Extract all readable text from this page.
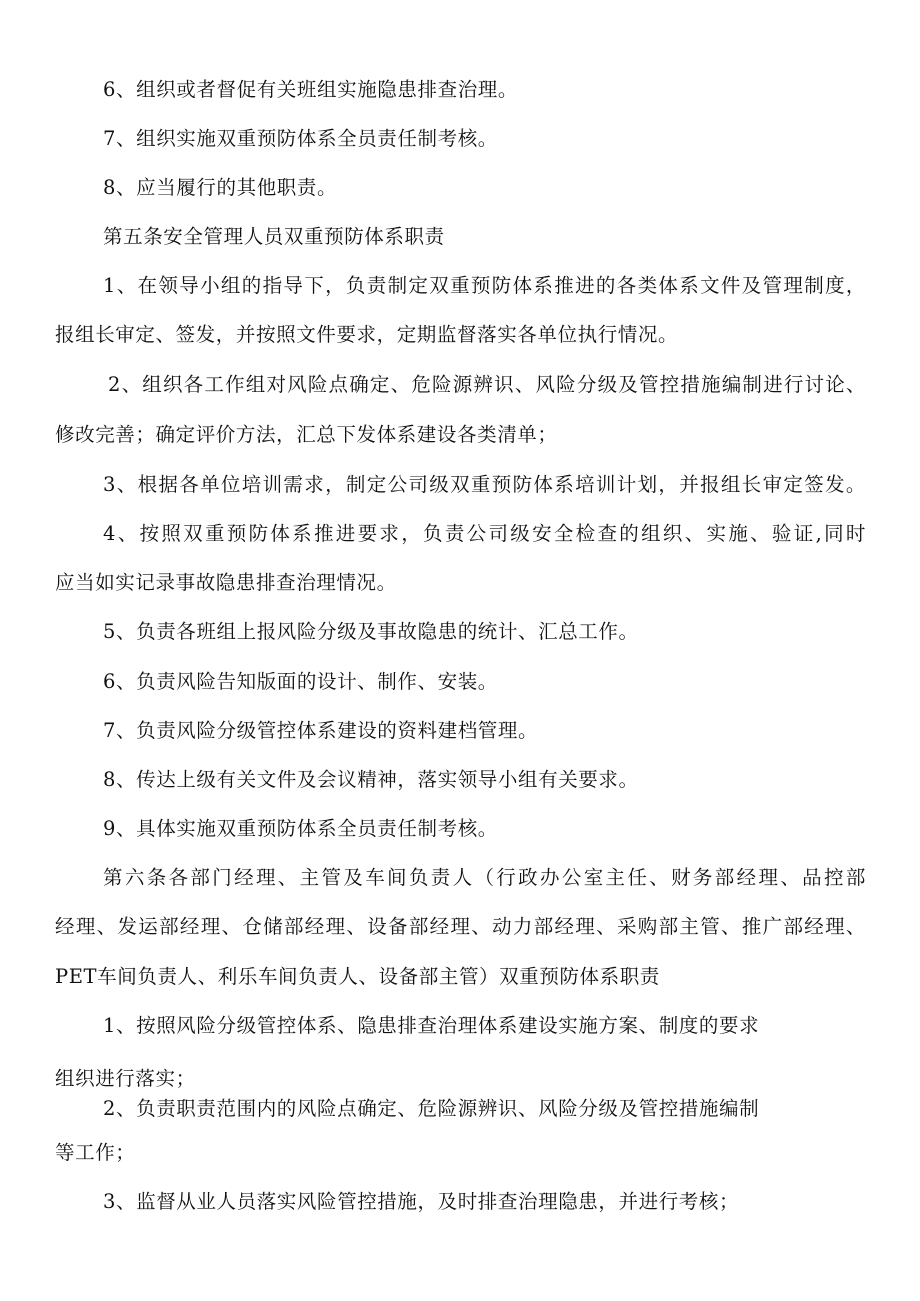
6、组织或者督促有关班组实施隐患排查治理。
7、组织实施双重预防体系全员责任制考核。
8、应当履行的其他职责。
第五条安全管理人员双重预防体系职责
1、在领导小组的指导下，负责制定双重预防体系推进的各类体系文件及管理制度，
报组长审定、签发，并按照文件要求，定期监督落实各单位执行情况。
2、组织各工作组对风险点确定、危险源辨识、风险分级及管控措施编制进行讨论、
修改完善；确定评价方法，汇总下发体系建设各类清单；
3、根据各单位培训需求，制定公司级双重预防体系培训计划，并报组长审定签发。
4、按照双重预防体系推进要求，负责公司级安全检查的组织、实施、验证,同时
应当如实记录事故隐患排查治理情况。
5、负责各班组上报风险分级及事故隐患的统计、汇总工作。
6、负责风险告知版面的设计、制作、安装。
7、负责风险分级管控体系建设的资料建档管理。
8、传达上级有关文件及会议精神，落实领导小组有关要求。
9、具体实施双重预防体系全员责任制考核。
第六条各部门经理、主管及车间负责人（行政办公室主任、财务部经理、品控部
经理、发运部经理、仓储部经理、设备部经理、动力部经理、采购部主管、推广部经理、
PET车间负责人、利乐车间负责人、设备部主管）双重预防体系职责
1、按照风险分级管控体系、隐患排查治理体系建设实施方案、制度的要求
组织进行落实；
2、负责职责范围内的风险点确定、危险源辨识、风险分级及管控措施编制
等工作；
3、监督从业人员落实风险管控措施，及时排查治理隐患，并进行考核；
